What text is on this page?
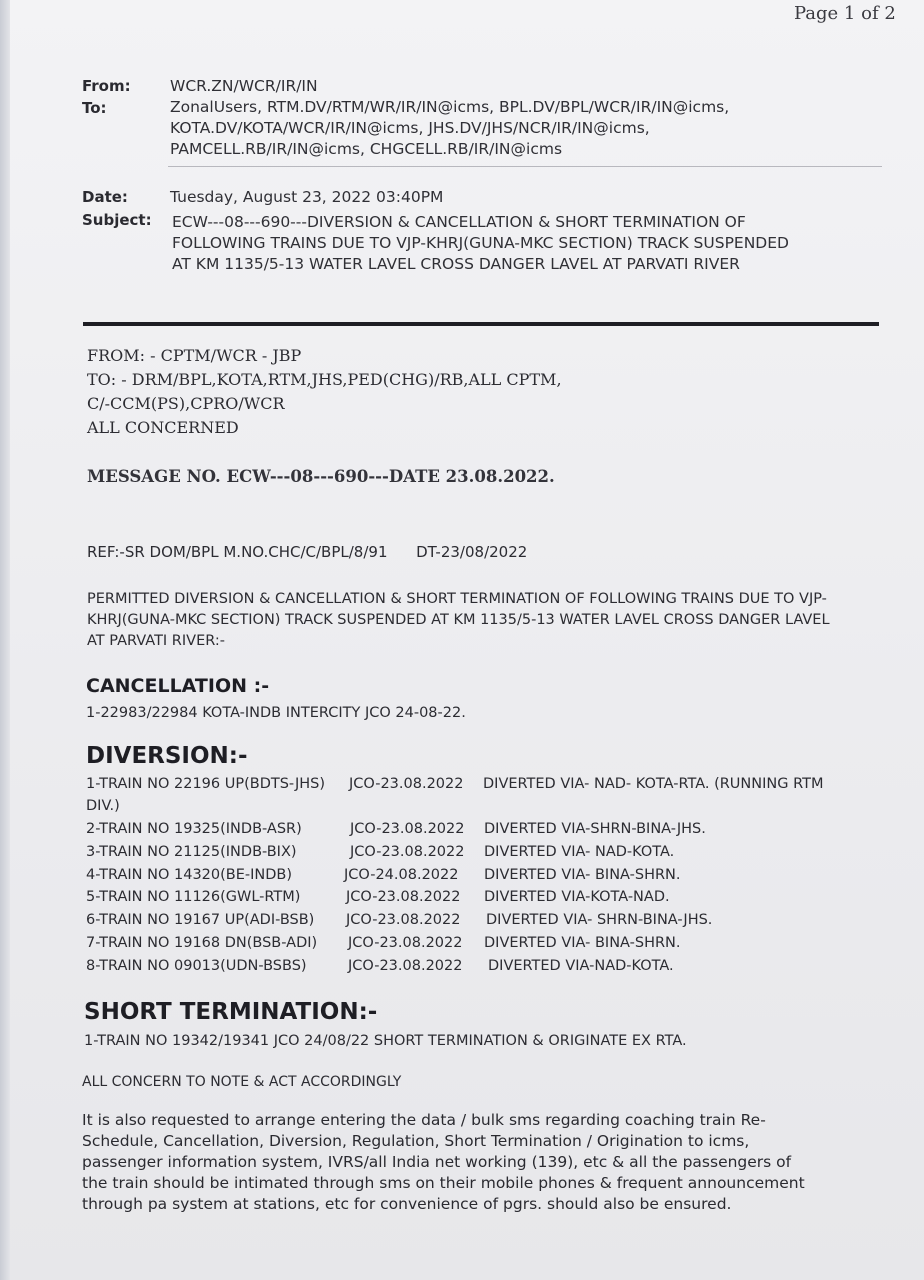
Page 1 of 2
From:	WCR.ZN/WCR/IR/IN
To:	ZonalUsers, RTM.DV/RTM/WR/IR/IN@icms, BPL.DV/BPL/WCR/IR/IN@icms,
KOTA.DV/KOTA/WCR/IR/IN@icms, JHS.DV/JHS/NCR/IR/IN@icms,
PAMCELL.RB/IR/IN@icms, CHGCELL.RB/IR/IN@icms
Date:	Tuesday, August 23, 2022 03:40PM
Subject: ECW---08---690---DIVERSION & CANCELLATION & SHORT TERMINATION OF
FOLLOWING TRAINS DUE TO VJP-KHRJ(GUNA-MKC SECTION) TRACK SUSPENDED
AT KM 1135/5-13 WATER LAVEL CROSS DANGER LAVEL AT PARVATI RIVER
FROM: - CPTM/WCR - JBP
TO: - DRM/BPL,KOTA,RTM,JHS,PED(CHG)/RB,ALL CPTM,
C/-CCM(PS),CPRO/WCR
ALL CONCERNED
MESSAGE NO. ECW---08---690---DATE 23.08.2022.
REF:-SR DOM/BPL M.NO.CHC/C/BPL/8/91      DT-23/08/2022
PERMITTED DIVERSION & CANCELLATION & SHORT TERMINATION OF FOLLOWING TRAINS DUE TO VJP-
KHRJ(GUNA-MKC SECTION) TRACK SUSPENDED AT KM 1135/5-13 WATER LAVEL CROSS DANGER LAVEL
AT PARVATI RIVER:-
CANCELLATION :-
1-22983/22984 KOTA-INDB INTERCITY JCO 24-08-22.
DIVERSION:-
1-TRAIN NO 22196 UP(BDTS-JHS) JCO-23.08.2022 DIVERTED VIA- NAD- KOTA-RTA. (RUNNING RTM
DIV.)
2-TRAIN NO 19325(INDB-ASR)	JCO-23.08.2022 DIVERTED VIA-SHRN-BINA-JHS.
3-TRAIN NO 21125(INDB-BIX)	JCO-23.08.2022 DIVERTED VIA- NAD-KOTA.
4-TRAIN NO 14320(BE-INDB)	JCO-24.08.2022 DIVERTED VIA- BINA-SHRN.
5-TRAIN NO 11126(GWL-RTM)	JCO-23.08.2022 DIVERTED VIA-KOTA-NAD.
6-TRAIN NO 19167 UP(ADI-BSB) JCO-23.08.2022 DIVERTED VIA- SHRN-BINA-JHS.
7-TRAIN NO 19168 DN(BSB-ADI) JCO-23.08.2022 DIVERTED VIA- BINA-SHRN.
8-TRAIN NO 09013(UDN-BSBS)	JCO-23.08.2022 DIVERTED VIA-NAD-KOTA.
SHORT TERMINATION:-
1-TRAIN NO 19342/19341 JCO 24/08/22 SHORT TERMINATION & ORIGINATE EX RTA.
ALL CONCERN TO NOTE & ACT ACCORDINGLY
It is also requested to arrange entering the data / bulk sms regarding coaching train Re-
Schedule, Cancellation, Diversion, Regulation, Short Termination / Origination to icms,
passenger information system, IVRS/all India net working (139), etc & all the passengers of
the train should be intimated through sms on their mobile phones & frequent announcement
through pa system at stations, etc for convenience of pgrs. should also be ensured.
